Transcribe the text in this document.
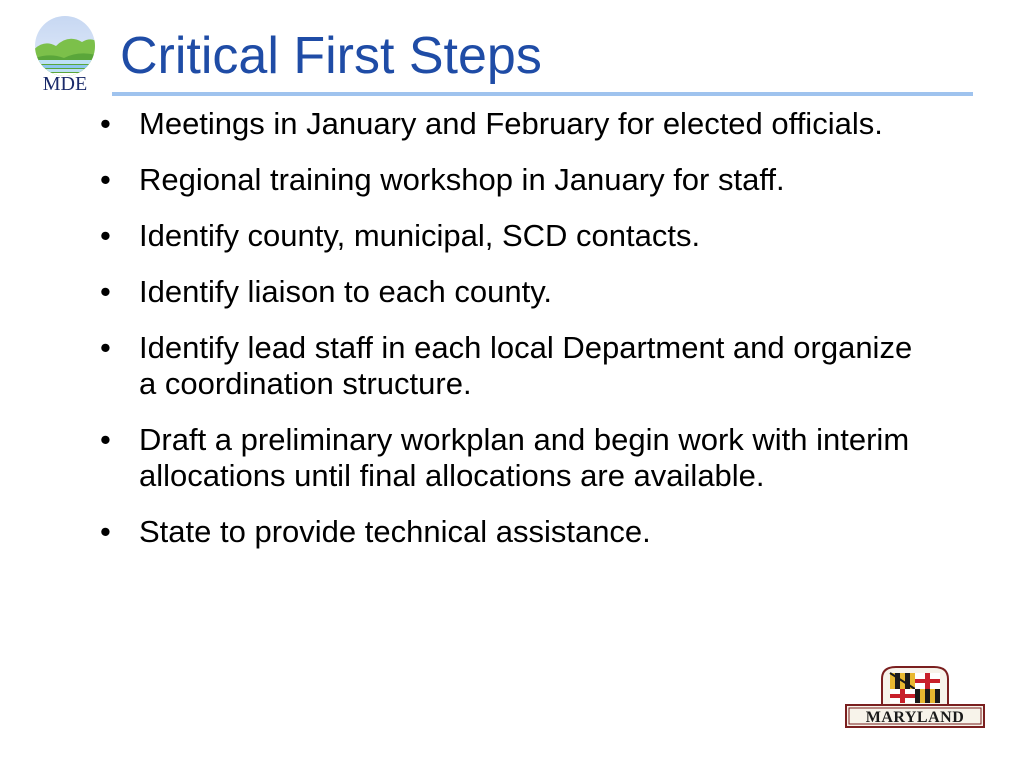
MDE Critical First Steps
• Meetings in January and February for elected officials.
• Regional training workshop in January for staff.
• Identify county, municipal, SCD contacts.
• Identify liaison to each county.
• Identify lead staff in each local Department and organize a coordination structure.
• Draft a preliminary workplan and begin work with interim allocations until final allocations are available.
• State to provide technical assistance.
MARYLAND
